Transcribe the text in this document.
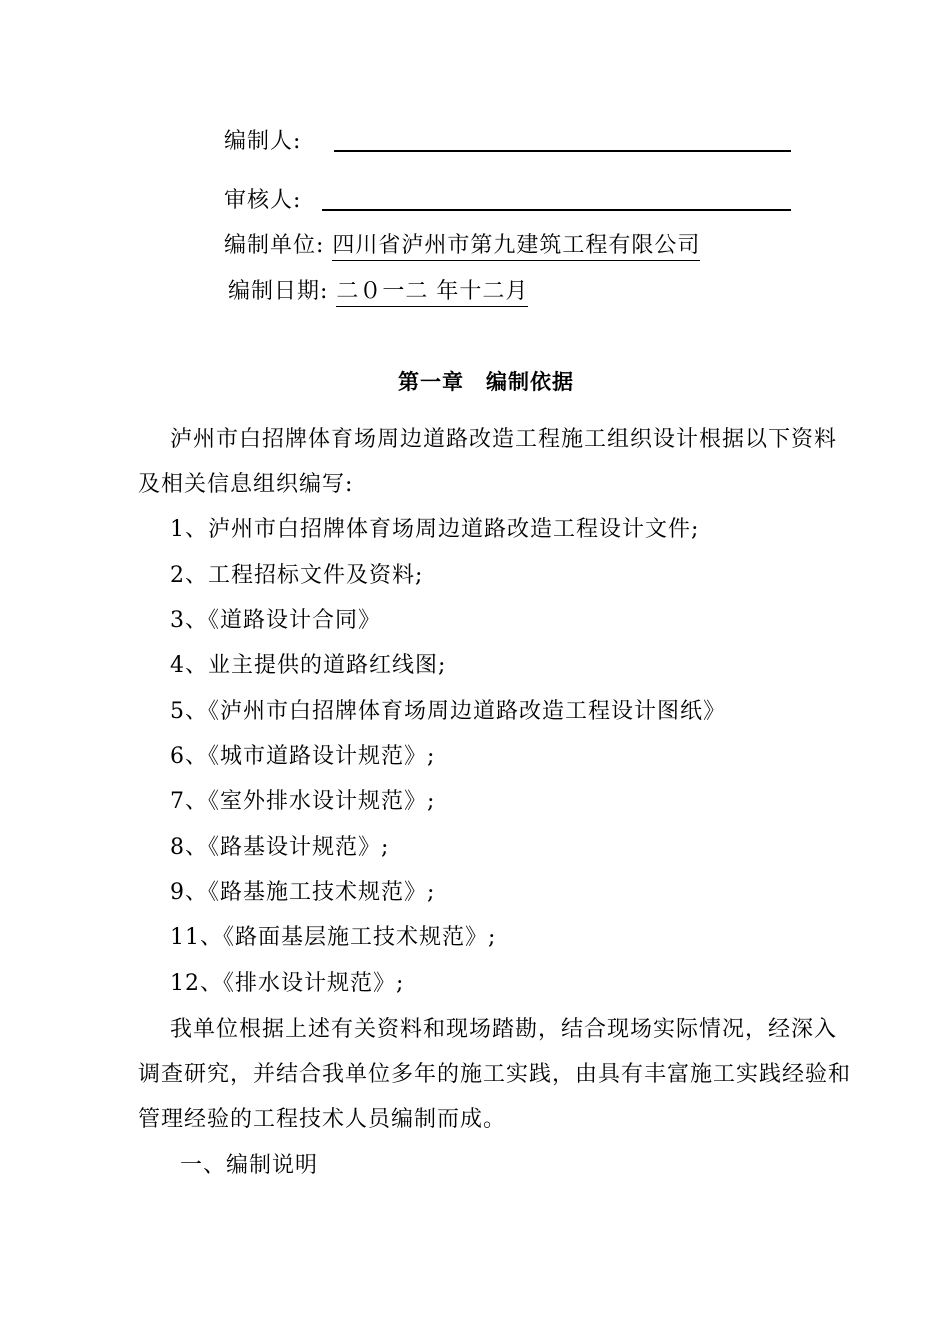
编制人:
审核人:
编制单位: 四川省泸州市第九建筑工程有限公司
编制日期: 二０一二 年十二月
第一章　编制依据
泸州市白招牌体育场周边道路改造工程施工组织设计根据以下资料
及相关信息组织编写:
1、泸州市白招牌体育场周边道路改造工程设计文件;
2、工程招标文件及资料;
3、《道路设计合同》
4、业主提供的道路红线图;
5、《泸州市白招牌体育场周边道路改造工程设计图纸》
6、《城市道路设计规范》;
7、《室外排水设计规范》;
8、《路基设计规范》;
9、《路基施工技术规范》;
11、《路面基层施工技术规范》;
12、《排水设计规范》;
我单位根据上述有关资料和现场踏勘，结合现场实际情况，经深入
调查研究，并结合我单位多年的施工实践，由具有丰富施工实践经验和
管理经验的工程技术人员编制而成。
一、编制说明
